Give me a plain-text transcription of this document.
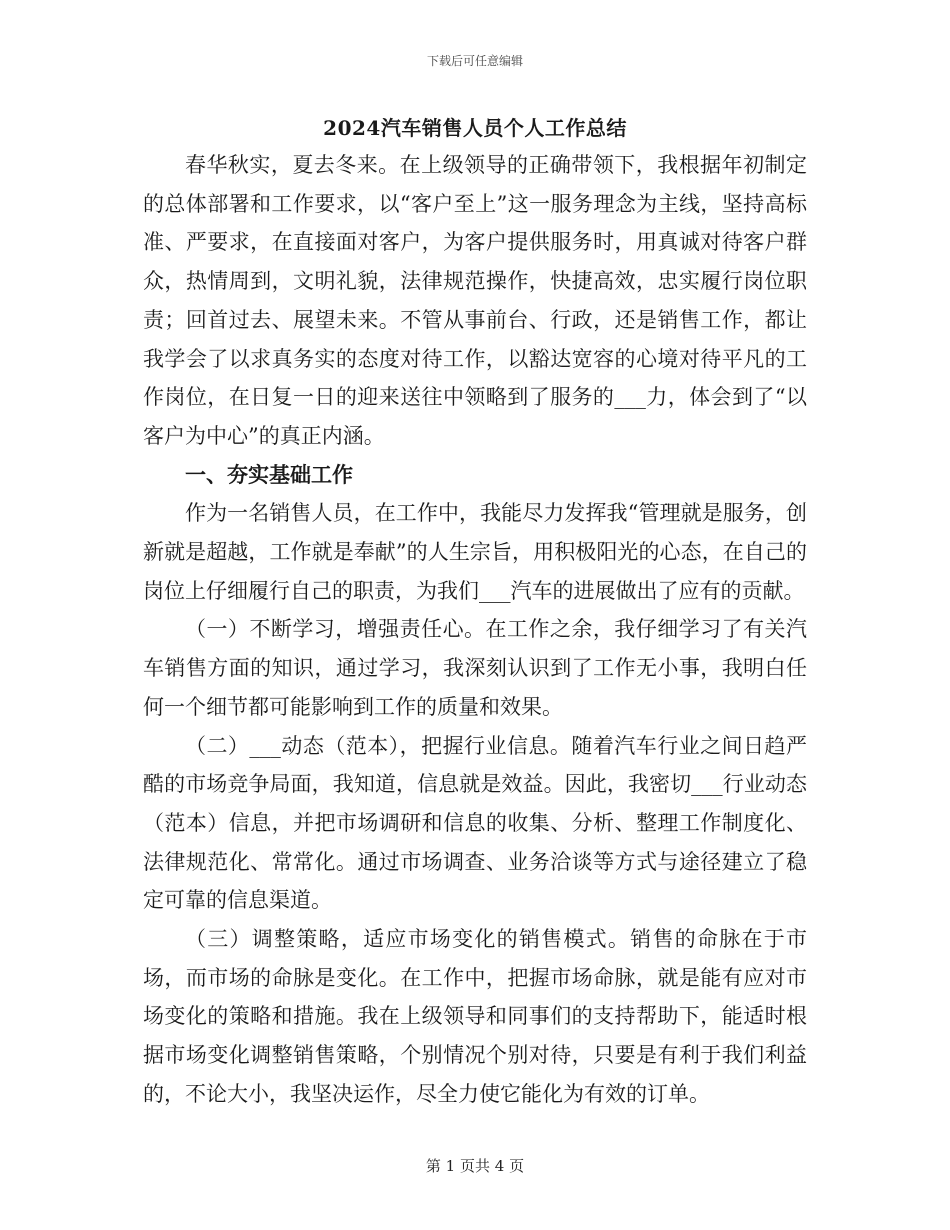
下载后可任意编辑
2024汽车销售人员个人工作总结

春华秋实，夏去冬来。在上级领导的正确带领下，我根据年初制定的总体部署和工作要求，以“客户至上”这一服务理念为主线，坚持高标准、严要求，在直接面对客户，为客户提供服务时，用真诚对待客户群众，热情周到，文明礼貌，法律规范操作，快捷高效，忠实履行岗位职责；回首过去、展望未来。不管从事前台、行政，还是销售工作，都让我学会了以求真务实的态度对待工作，以豁达宽容的心境对待平凡的工作岗位，在日复一日的迎来送往中领略到了服务的___力，体会到了“以客户为中心”的真正内涵。

一、夯实基础工作

作为一名销售人员，在工作中，我能尽力发挥我“管理就是服务，创新就是超越，工作就是奉献”的人生宗旨，用积极阳光的心态，在自己的岗位上仔细履行自己的职责，为我们___汽车的进展做出了应有的贡献。

（一）不断学习，增强责任心。在工作之余，我仔细学习了有关汽车销售方面的知识，通过学习，我深刻认识到了工作无小事，我明白任何一个细节都可能影响到工作的质量和效果。

（二）___动态（范本），把握行业信息。随着汽车行业之间日趋严酷的市场竞争局面，我知道，信息就是效益。因此，我密切___行业动态（范本）信息，并把市场调研和信息的收集、分析、整理工作制度化、法律规范化、常常化。通过市场调查、业务洽谈等方式与途径建立了稳定可靠的信息渠道。

（三）调整策略，适应市场变化的销售模式。销售的命脉在于市场，而市场的命脉是变化。在工作中，把握市场命脉，就是能有应对市场变化的策略和措施。我在上级领导和同事们的支持帮助下，能适时根据市场变化调整销售策略，个别情况个别对待，只要是有利于我们利益的，不论大小，我坚决运作，尽全力使它能化为有效的订单。

第 1 页共 4 页
